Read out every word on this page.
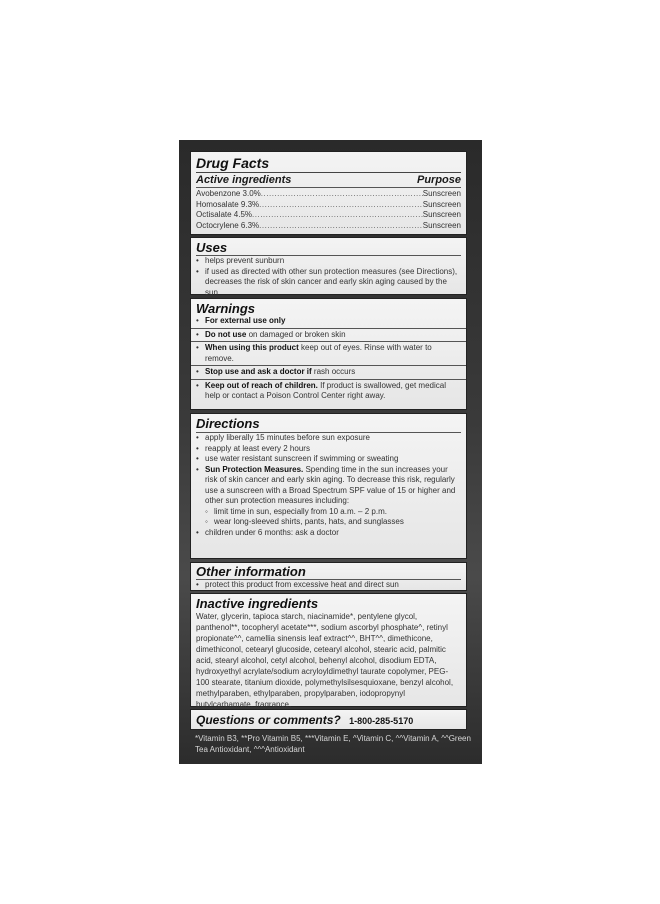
Drug Facts
Active ingredients	Purpose
Avobenzone 3.0% .....	Sunscreen
Homosalate 9.3% .....	Sunscreen
Octisalate 4.5% .....	Sunscreen
Octocrylene 6.3% .....	Sunscreen
Uses
• helps prevent sunburn
• if used as directed with other sun protection measures (see Directions), decreases the risk of skin cancer and early skin aging caused by the sun
Warnings
• For external use only
• Do not use on damaged or broken skin
• When using this product keep out of eyes. Rinse with water to remove.
• Stop use and ask a doctor if rash occurs
• Keep out of reach of children. If product is swallowed, get medical help or contact a Poison Control Center right away.
Directions
• apply liberally 15 minutes before sun exposure
• reapply at least every 2 hours
• use water resistant sunscreen if swimming or sweating
• Sun Protection Measures. Spending time in the sun increases your risk of skin cancer and early skin aging. To decrease this risk, regularly use a sunscreen with a Broad Spectrum SPF value of 15 or higher and other sun protection measures including:
◦ limit time in sun, especially from 10 a.m. – 2 p.m.
◦ wear long-sleeved shirts, pants, hats, and sunglasses
• children under 6 months: ask a doctor
Other information
• protect this product from excessive heat and direct sun
Inactive ingredients
Water, glycerin, tapioca starch, niacinamide*, pentylene glycol, panthenol**, tocopheryl acetate***, sodium ascorbyl phosphate^, retinyl propionate^^, camellia sinensis leaf extract^^, BHT^^, dimethicone, dimethiconol, cetearyl glucoside, cetearyl alcohol, stearic acid, palmitic acid, stearyl alcohol, cetyl alcohol, behenyl alcohol, disodium EDTA, hydroxyethyl acrylate/sodium acryloyldimethyl taurate copolymer, PEG-100 stearate, titanium dioxide, polymethylsilsesquioxane, benzyl alcohol, methylparaben, ethylparaben, propylparaben, iodopropynyl butylcarbamate, fragrance.
Questions or comments? 1-800-285-5170
*Vitamin B3, **Pro Vitamin B5, ***Vitamin E, ^Vitamin C, ^^Vitamin A, ^^Green Tea Antioxidant, ^^^Antioxidant
